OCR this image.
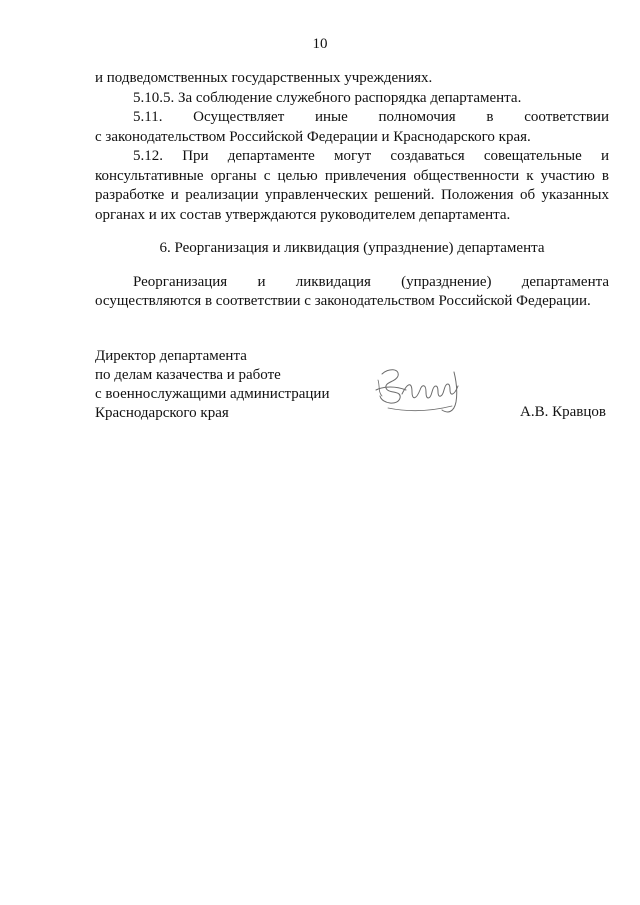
10

и подведомственных государственных учреждениях.

5.10.5. За соблюдение служебного распорядка департамента.

5.11. Осуществляет иные полномочия в соответствии

с законодательством Российской Федерации и Краснодарского края.

5.12. При департаменте могут создаваться совещательные и консультативные органы с целью привлечения общественности к участию в разработке и реализации управленческих решений. Положения об указанных органах и их состав утверждаются руководителем департамента.

6. Реорганизация и ликвидация (упразднение) департамента

Реорганизация и ликвидация (упразднение) департамента осуществляются в соответствии с законодательством Российской Федерации.

Директор департамента
по делам казачества и работе
с военнослужащими администрации
Краснодарского края	А.В. Кравцов
